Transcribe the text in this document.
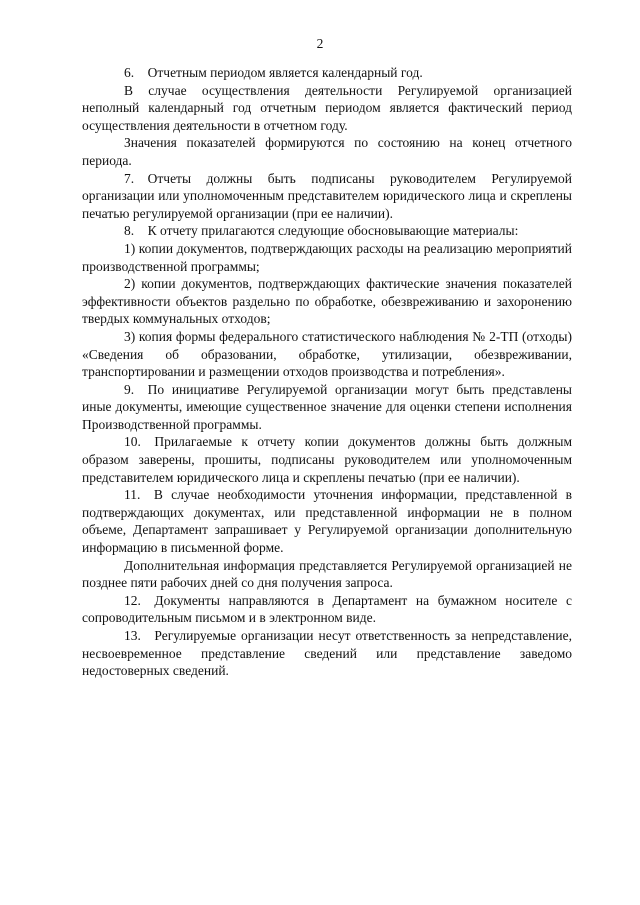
2

6. Отчетным периодом является календарный год.

В случае осуществления деятельности Регулируемой организацией неполный календарный год отчетным периодом является фактический период осуществления деятельности в отчетном году.

Значения показателей формируются по состоянию на конец отчетного периода.

7. Отчеты должны быть подписаны руководителем Регулируемой организации или уполномоченным представителем юридического лица и скреплены печатью регулируемой организации (при ее наличии).

8. К отчету прилагаются следующие обосновывающие материалы:

1) копии документов, подтверждающих расходы на реализацию мероприятий производственной программы;

2) копии документов, подтверждающих фактические значения показателей эффективности объектов раздельно по обработке, обезвреживанию и захоронению твердых коммунальных отходов;

3) копия формы федерального статистического наблюдения № 2-ТП (отходы) «Сведения об образовании, обработке, утилизации, обезвреживании, транспортировании и размещении отходов производства и потребления».

9. По инициативе Регулируемой организации могут быть представлены иные документы, имеющие существенное значение для оценки степени исполнения Производственной программы.

10. Прилагаемые к отчету копии документов должны быть должным образом заверены, прошиты, подписаны руководителем или уполномоченным представителем юридического лица и скреплены печатью (при ее наличии).

11. В случае необходимости уточнения информации, представленной в подтверждающих документах, или представленной информации не в полном объеме, Департамент запрашивает у Регулируемой организации дополнительную информацию в письменной форме.

Дополнительная информация представляется Регулируемой организацией не позднее пяти рабочих дней со дня получения запроса.

12. Документы направляются в Департамент на бумажном носителе с сопроводительным письмом и в электронном виде.

13. Регулируемые организации несут ответственность за непредставление, несвоевременное представление сведений или представление заведомо недостоверных сведений.
